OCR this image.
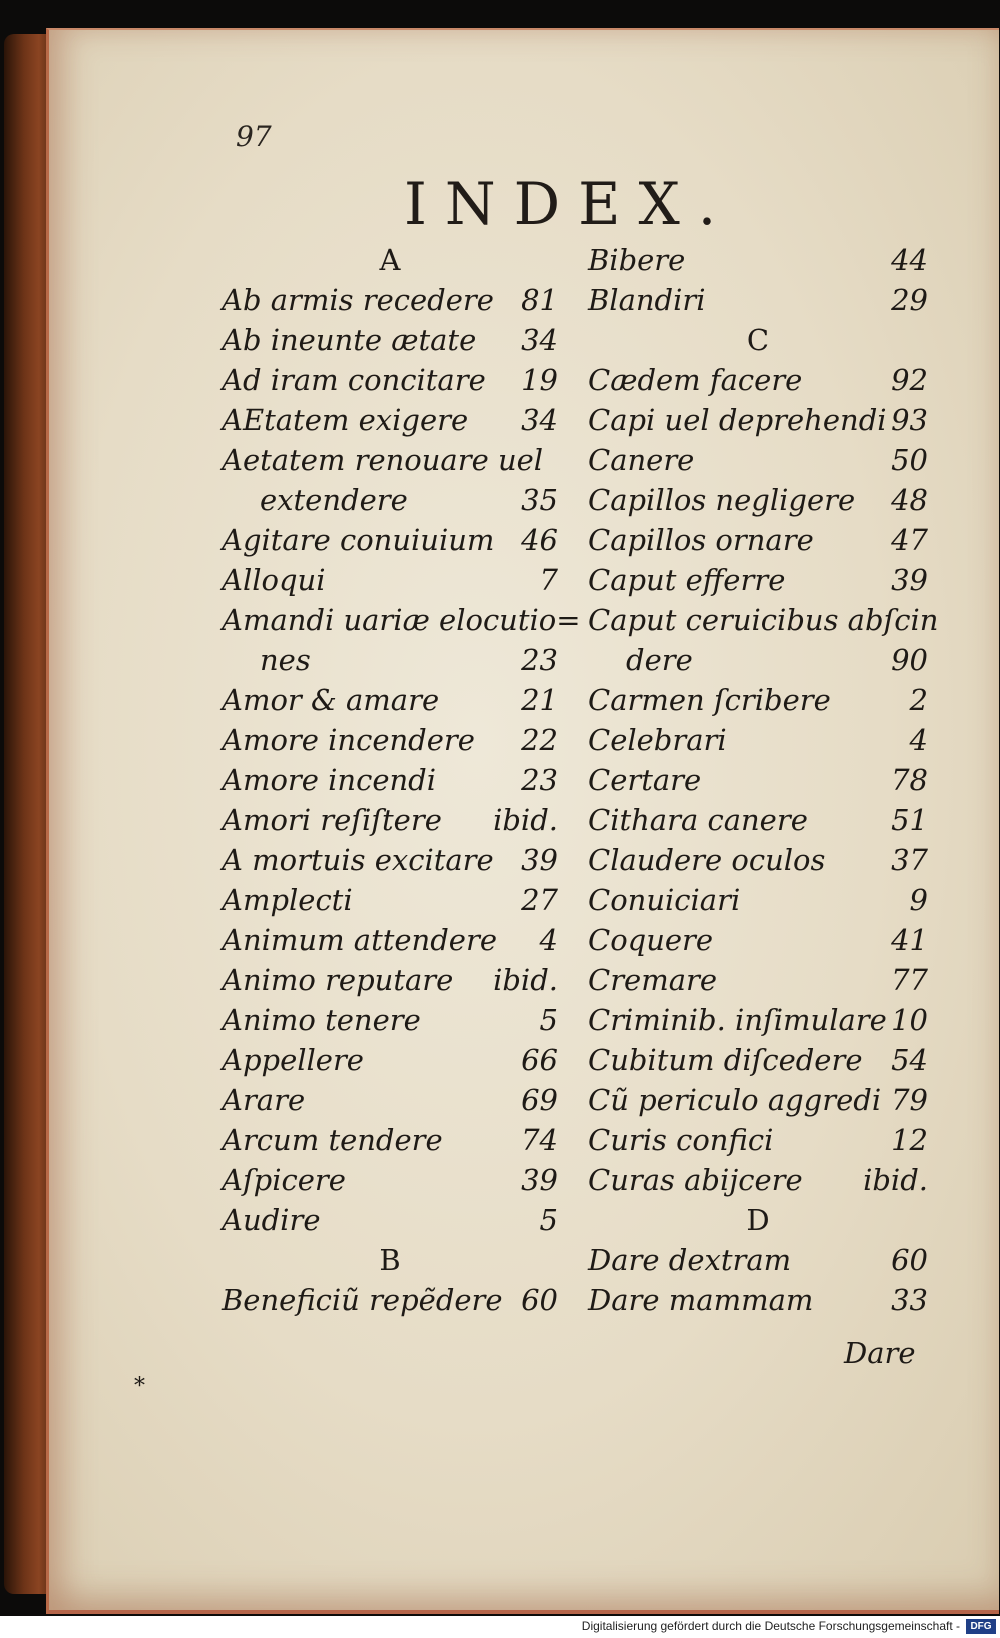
97
INDEX.
A
Ab armis recedere 81
Ab ineunte ætate 34
Ad iram concitare 19
AEtatem exigere 34
Aetatem renouare uel
extendere	35
Agitare conuiuium 46
Alloqui	7
Amandi uariæ elocutio=
nes	23
Amor & amare	21
Amore incendere 22
Amore incendi	23
Amori reſiſtere ibid.
A mortuis excitare 39
Amplecti	27
Animum attendere 4
Animo reputare ibid.
Animo tenere	5
Appellere	66
Arare	69
Arcum tendere	74
Aſpicere	39
Audire	5
B
Beneficiũ repẽdere 60
Bibere	44
Blandiri	29
C
Cædem facere	92
Capi uel deprehendi 93
Canere	50
Capillos negligere 48
Capillos ornare	47
Caput efferre	39
Caput ceruicibus abſcin
dere	90
Carmen ſcribere	2
Celebrari	4
Certare	78
Cithara canere	51
Claudere oculos 37
Conuiciari	9
Coquere	41
Cremare	77
Criminib. inſimulare 10
Cubitum diſcedere 54
Cũ periculo aggredi 79
Curis confici	12
Curas abijcere ibid.
D
Dare dextram	60
Dare mammam	33
Dare
*
Digitalisierung gefördert durch die Deutsche Forschungsgemeinschaft -	DFG
